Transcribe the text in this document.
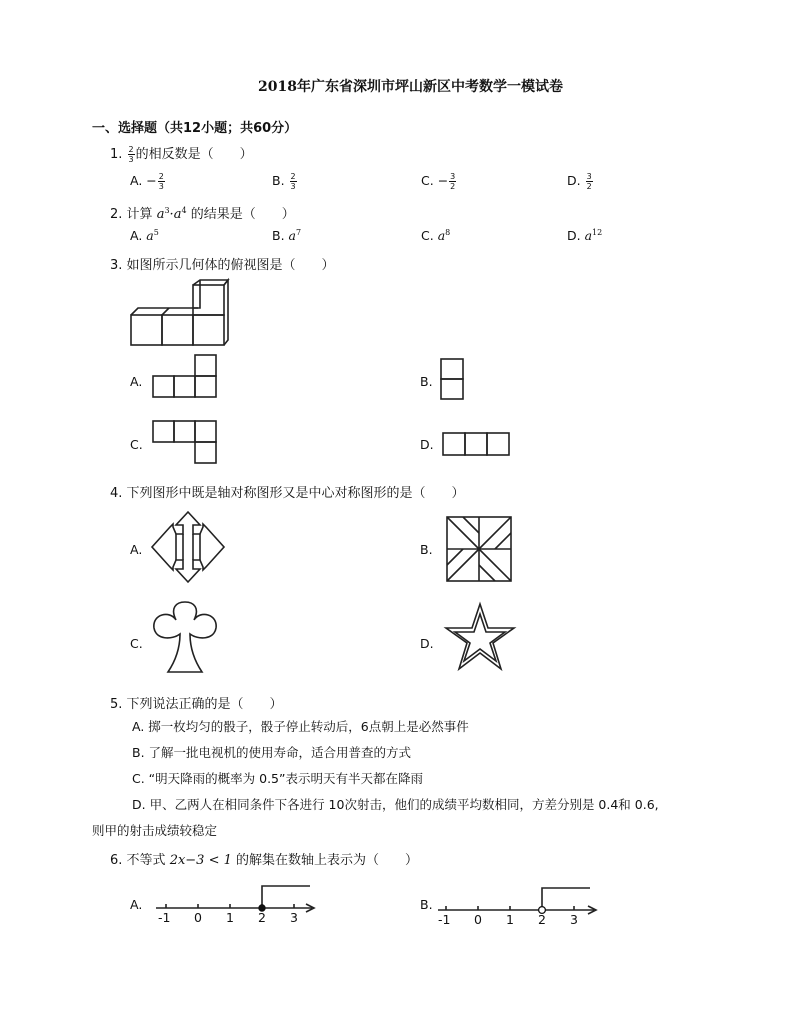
2018年广东省深圳市坪山新区中考数学一模试卷
一、选择题（共12小题；共60分）
1. $\frac{2}{3}$ 的相反数是（　　）
A. − $\frac{2}{3}$	B. $\frac{2}{3}$	C. − $\frac{3}{2}$	D. $\frac{3}{2}$
2. 计算 $a^3\cdot a^4$ 的结果是（　　）
A. $a^5$	B. $a^7$	C. $a^8$	D. $a^{12}$
3. 如图所示几何体的俯视图是（　　）
A.	B.
C.	D.
4. 下列图形中既是轴对称图形又是中心对称图形的是（　　）
A.	B.
C.	D.
5. 下列说法正确的是（　　）
A. 掷一枚均匀的骰子，骰子停止转动后，6点朝上是必然事件
B. 了解一批电视机的使用寿命，适合用普查的方式
C. “明天降雨的概率为 0.5”表示明天有半天都在降雨
D. 甲、乙两人在相同条件下各进行 10次射击，他们的成绩平均数相同，方差分别是 0.4和 0.6,
则甲的射击成绩较稳定
6. 不等式 2x−3 < 1 的解集在数轴上表示为（　　）
A.
-1 0 1 2 3
B.
-1 0 1 2 3
